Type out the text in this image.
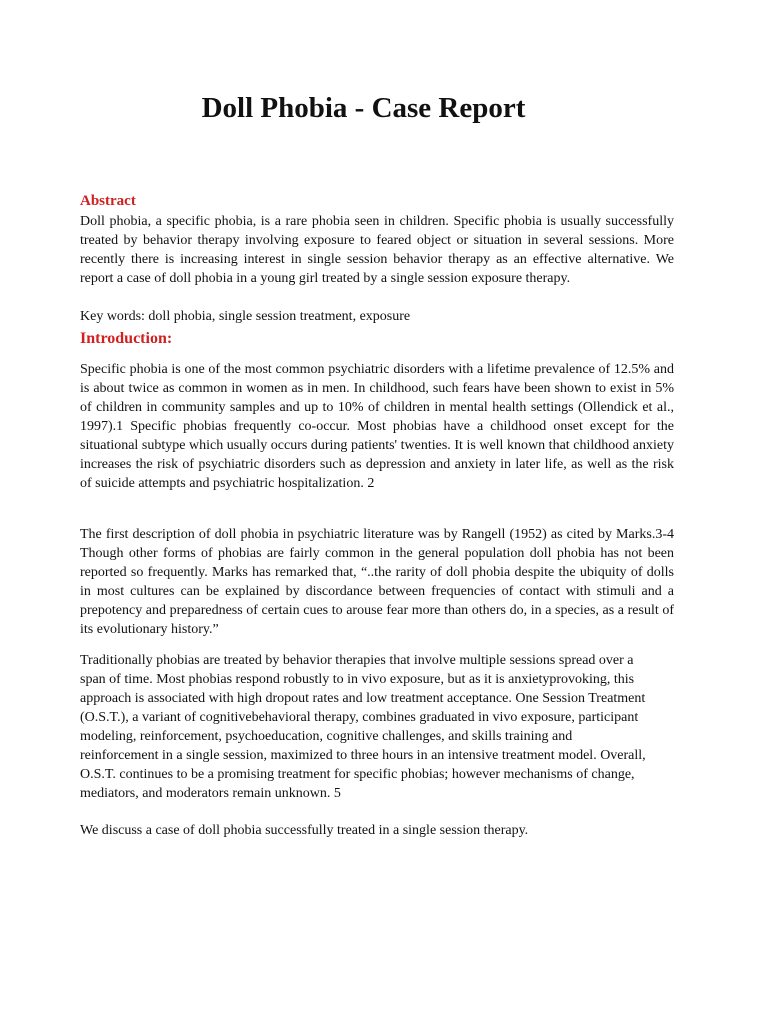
Doll Phobia - Case Report

Abstract

Doll phobia, a specific phobia, is a rare phobia seen in children. Specific phobia is usually successfully treated by behavior therapy involving exposure to feared object or situation in several sessions. More recently there is increasing interest in single session behavior therapy as an effective alternative. We report a case of doll phobia in a young girl treated by a single session exposure therapy.

Key words: doll phobia, single session treatment, exposure

Introduction:

Specific phobia is one of the most common psychiatric disorders with a lifetime prevalence of 12.5% and is about twice as common in women as in men. In childhood, such fears have been shown to exist in 5% of children in community samples and up to 10% of children in mental health settings (Ollendick et al., 1997).1 Specific phobias frequently co-occur. Most phobias have a childhood onset except for the situational subtype which usually occurs during patients' twenties. It is well known that childhood anxiety increases the risk of psychiatric disorders such as depression and anxiety in later life, as well as the risk of suicide attempts and psychiatric hospitalization. 2

The first description of doll phobia in psychiatric literature was by Rangell (1952) as cited by Marks.3-4 Though other forms of phobias are fairly common in the general population doll phobia has not been reported so frequently. Marks has remarked that, “..the rarity of doll phobia despite the ubiquity of dolls in most cultures can be explained by discordance between frequencies of contact with stimuli and a prepotency and preparedness of certain cues to arouse fear more than others do, in a species, as a result of its evolutionary history.”

Traditionally phobias are treated by behavior therapies that involve multiple sessions spread over a span of time. Most phobias respond robustly to in vivo exposure, but as it is anxietyprovoking, this approach is associated with high dropout rates and low treatment acceptance. One Session Treatment (O.S.T.), a variant of cognitivebehavioral therapy, combines graduated in vivo exposure, participant modeling, reinforcement, psychoeducation, cognitive challenges, and skills training and reinforcement in a single session, maximized to three hours in an intensive treatment model. Overall, O.S.T. continues to be a promising treatment for specific phobias; however mechanisms of change, mediators, and moderators remain unknown. 5

We discuss a case of doll phobia successfully treated in a single session therapy.
